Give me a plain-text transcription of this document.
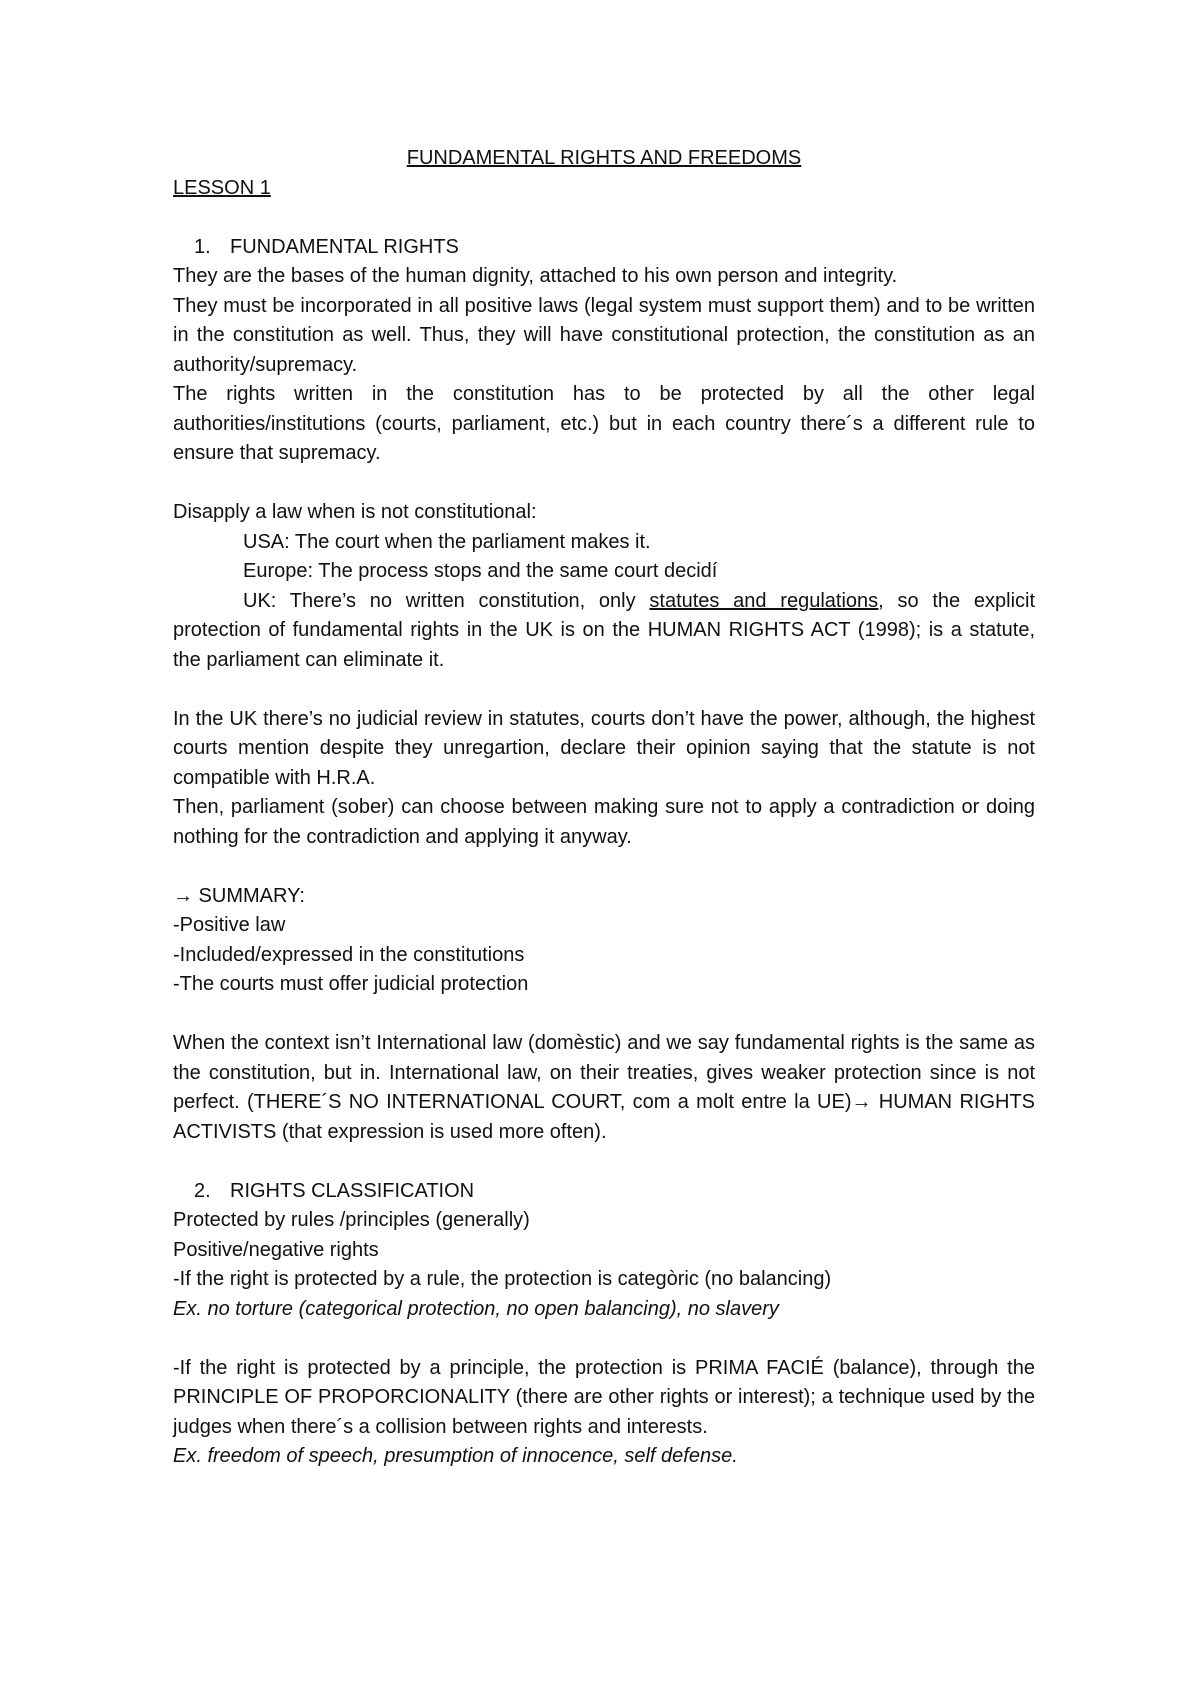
FUNDAMENTAL RIGHTS AND FREEDOMS

LESSON 1

1. FUNDAMENTAL RIGHTS

They are the bases of the human dignity, attached to his own person and integrity.

They must be incorporated in all positive laws (legal system must support them) and to be written in the constitution as well. Thus, they will have constitutional protection, the constitution as an authority/supremacy.

The rights written in the constitution has to be protected by all the other legal authorities/institutions (courts, parliament, etc.) but in each country there´s a different rule to ensure that supremacy.

Disapply a law when is not constitutional:

USA: The court when the parliament makes it.

Europe: The process stops and the same court decidí

UK: There’s no written constitution, only statutes and regulations, so the explicit protection of fundamental rights in the UK is on the HUMAN RIGHTS ACT (1998); is a statute, the parliament can eliminate it.

In the UK there’s no judicial review in statutes, courts don’t have the power, although, the highest courts mention despite they unregartion, declare their opinion saying that the statute is not compatible with H.R.A.

Then, parliament (sober) can choose between making sure not to apply a contradiction or doing nothing for the contradiction and applying it anyway.

→ SUMMARY:

-Positive law

-Included/expressed in the constitutions

-The courts must offer judicial protection

When the context isn’t International law (domèstic) and we say fundamental rights is the same as the constitution, but in. International law, on their treaties, gives weaker protection since is not perfect. (THERE´S NO INTERNATIONAL COURT, com a molt entre la UE)→ HUMAN RIGHTS ACTIVISTS (that expression is used more often).

2. RIGHTS CLASSIFICATION

Protected by rules /principles (generally)

Positive/negative rights

-If the right is protected by a rule, the protection is categòric (no balancing)

Ex. no torture (categorical protection, no open balancing), no slavery

-If the right is protected by a principle, the protection is PRIMA FACIÉ (balance), through the PRINCIPLE OF PROPORCIONALITY (there are other rights or interest); a technique used by the judges when there´s a collision between rights and interests.

Ex. freedom of speech, presumption of innocence, self defense.
